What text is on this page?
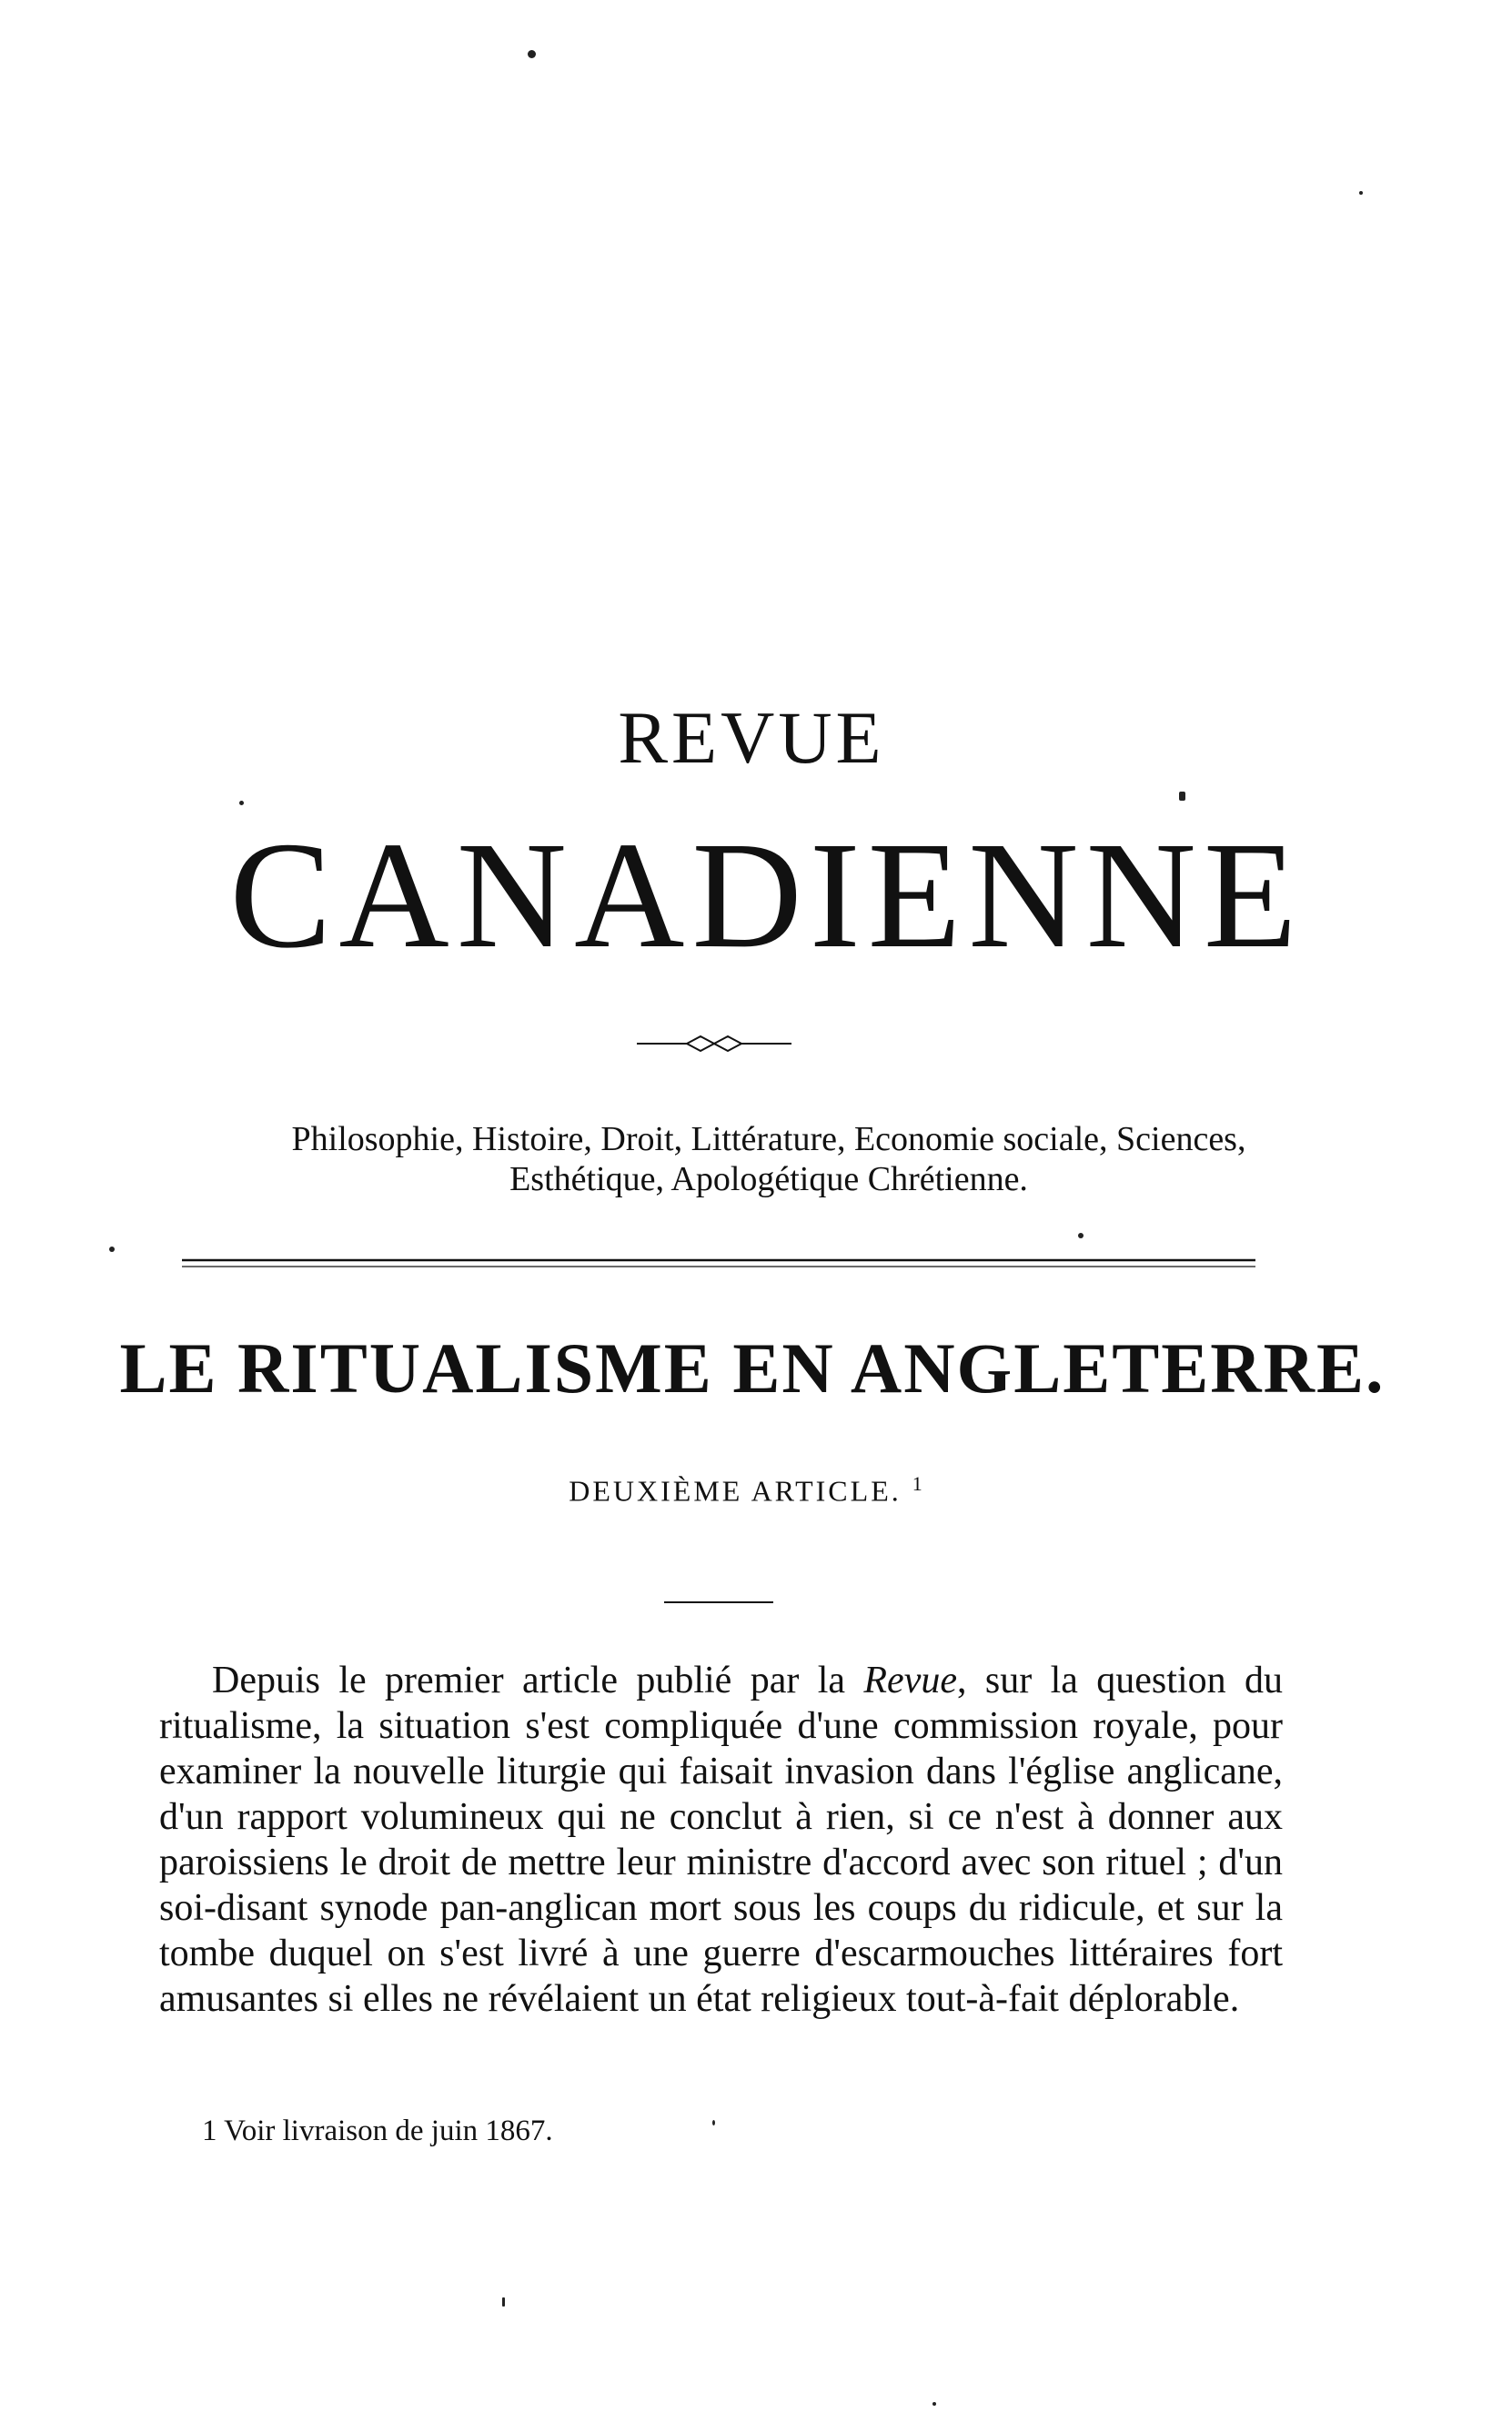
REVUE
CANADIENNE
Philosophie, Histoire, Droit, Littérature, Economie sociale, Sciences,
Esthétique, Apologétique Chrétienne.
LE RITUALISME EN ANGLETERRE.
DEUXIÈME ARTICLE. $^1$

Depuis le premier article publié par la Revue, sur la question du ritualisme, la situation s'est compliquée d'une commission royale, pour examiner la nouvelle liturgie qui faisait invasion dans l'église anglicane, d'un rapport volumineux qui ne conclut à rien, si ce n'est à donner aux paroissiens le droit de mettre leur ministre d'accord avec son rituel ; d'un soi-disant synode pan-anglican mort sous les coups du ridicule, et sur la tombe duquel on s'est livré à une guerre d'escarmouches littéraires fort amusantes si elles ne révélaient un état religieux tout-à-fait déplorable.

1 Voir livraison de juin 1867.
